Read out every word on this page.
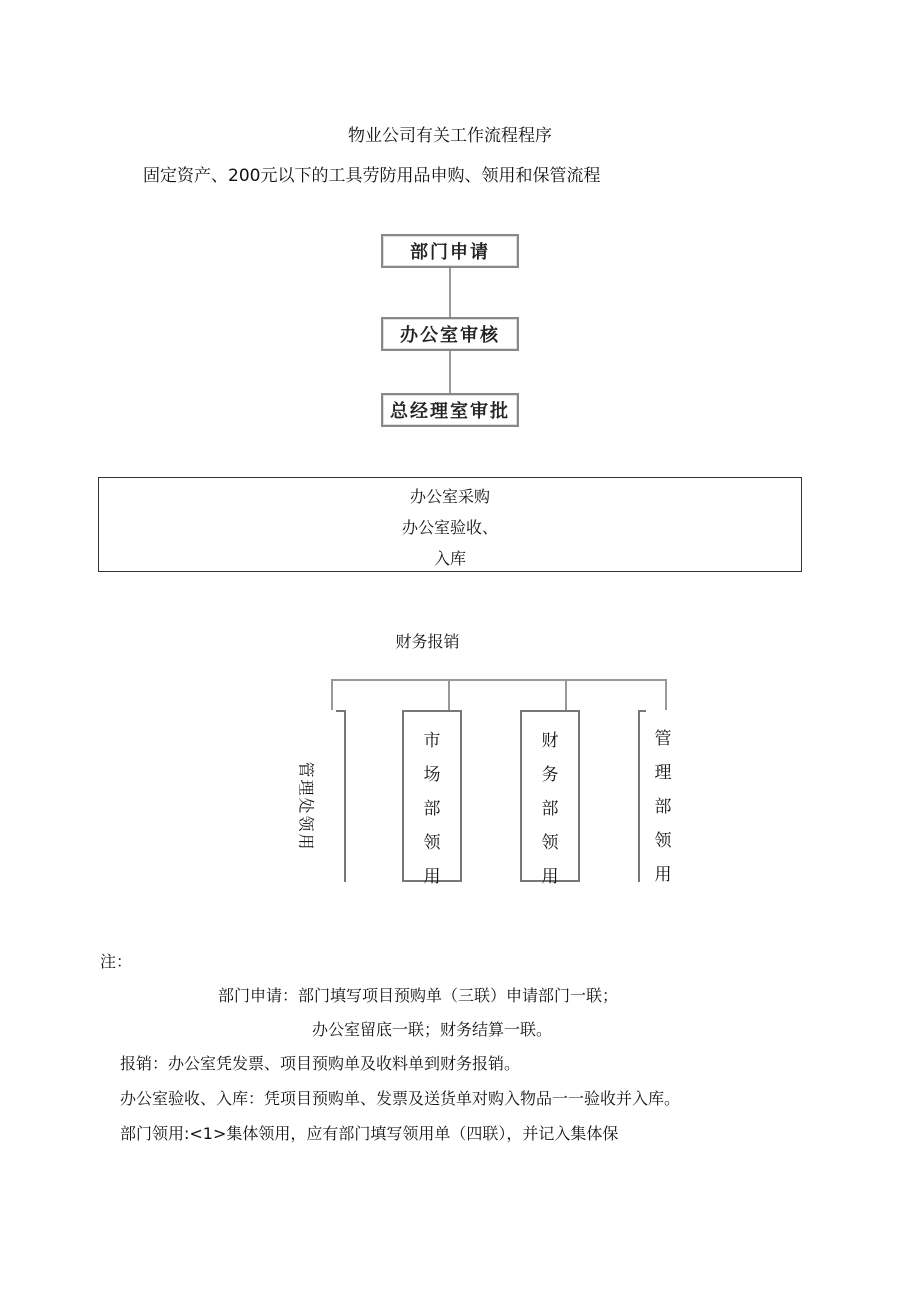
物业公司有关工作流程程序
固定资产、200元以下的工具劳防用品申购、领用和保管流程
部门申请
办公室审核
总经理室审批
办公室采购
办公室验收、
入库
财务报销
管理处领用
市
场
部
领
用
财
务
部
领
用
管
理
部
领
用
注：
部门申请：部门填写项目预购单（三联）申请部门一联；
办公室留底一联；财务结算一联。
报销：办公室凭发票、项目预购单及收料单到财务报销。
办公室验收、入库：凭项目预购单、发票及送货单对购入物品一一验收并入库。
部门领用:<1>集体领用，应有部门填写领用单（四联），并记入集体保
